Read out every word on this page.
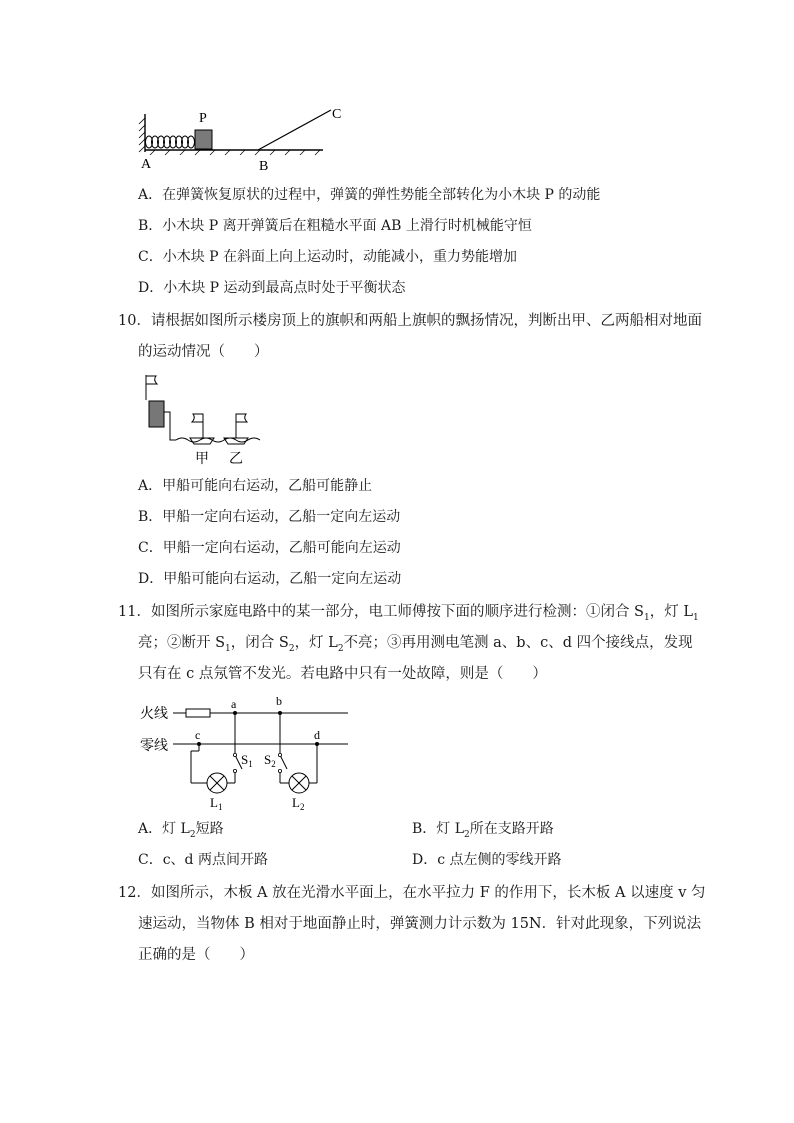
P
A	B
C
A．在弹簧恢复原状的过程中，弹簧的弹性势能全部转化为小木块 P 的动能
B．小木块 P 离开弹簧后在粗糙水平面 AB 上滑行时机械能守恒
C．小木块 P 在斜面上向上运动时，动能减小，重力势能增加
D．小木块 P 运动到最高点时处于平衡状态
10．请根据如图所示楼房顶上的旗帜和两船上旗帜的飘扬情况，判断出甲、乙两船相对地面
的运动情况（　　）
甲 乙
A．甲船可能向右运动，乙船可能静止
B．甲船一定向右运动，乙船一定向左运动
C．甲船一定向右运动，乙船可能向左运动
D．甲船可能向右运动，乙船一定向左运动
11．如图所示家庭电路中的某一部分，电工师傅按下面的顺序进行检测：①闭合 $S_1$，灯 $L_1$
亮；②断开 $S_1$，闭合 $S_2$，灯 $L_2$不亮；③再用测电笔测 a、b、c、d 四个接线点，发现
只有在 c 点氖管不发光。若电路中只有一处故障，则是（　　）
火线
零线
a	b
c	d
$S_1$ $S_2$
$L_1$	$L_2$
A．灯 $L_2$短路	B．灯 $L_2$所在支路开路
C．c、d 两点间开路	D．c 点左侧的零线开路
12．如图所示，木板 A 放在光滑水平面上，在水平拉力 F 的作用下，长木板 A 以速度 v 匀
速运动，当物体 B 相对于地面静止时，弹簧测力计示数为 15N．针对此现象，下列说法
正确的是（　　）
